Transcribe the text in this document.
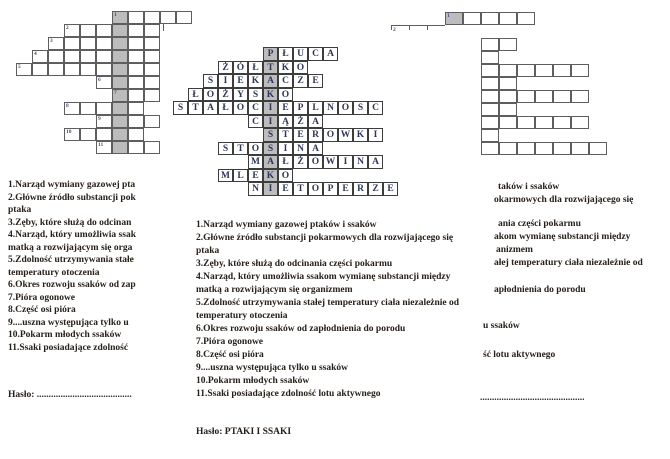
1
2
3
4
5
6
7
8
9
10
11
P Ł U C A
Ż Ó Ł T K O
S	I	E K A C Z E
Ł O Ż Y S K O
S T A Ł O C	I	E P L N O S C
C	I	Ą Ż A
S T E R O W K I
S T O S	I	N A
M A Ł Ż O W I	N A
M L E K O
N	I	E T O P E R Z E
1
2
1.Narząd wymiany gazowej pta
2.Główne źródło substancji pok
ptaka
3.Zęby, które służą do odcinan
4.Narząd, który umożliwia ssak
matką a rozwijającym się orga
5.Zdolność utrzymywania stałe
temperatury otoczenia
6.Okres rozwoju ssaków od zap
7.Pióra ogonowe
8.Część osi pióra
9....uszna występująca tylko u
10.Pokarm młodych ssaków
11.Ssaki posiadające zdolność
Hasło: ........................................
1.Narząd wymiany gazowej ptaków i ssaków
2.Główne źródło substancji pokarmowych dla rozwijającego się
ptaka
3.Zęby, które służą do odcinania części pokarmu
4.Narząd, który umożliwia ssakom wymianę substancji między
matką a rozwijającym się organizmem
5.Zdolność utrzymywania stałej temperatury ciała niezależnie od
temperatury otoczenia
6.Okres rozwoju ssaków od zapłodnienia do porodu
7.Pióra ogonowe
8.Część osi pióra
9....uszna występująca tylko u ssaków
10.Pokarm młodych ssaków
11.Ssaki posiadające zdolność lotu aktywnego
Hasło: PTAKI I SSAKI
taków i ssaków
okarmowych dla rozwijającego się
ania części pokarmu
akom wymianę substancji między
anizmem
ałej temperatury ciała niezależnie od
apłodnienia do porodu
u ssaków
ść lotu aktywnego
............................................
